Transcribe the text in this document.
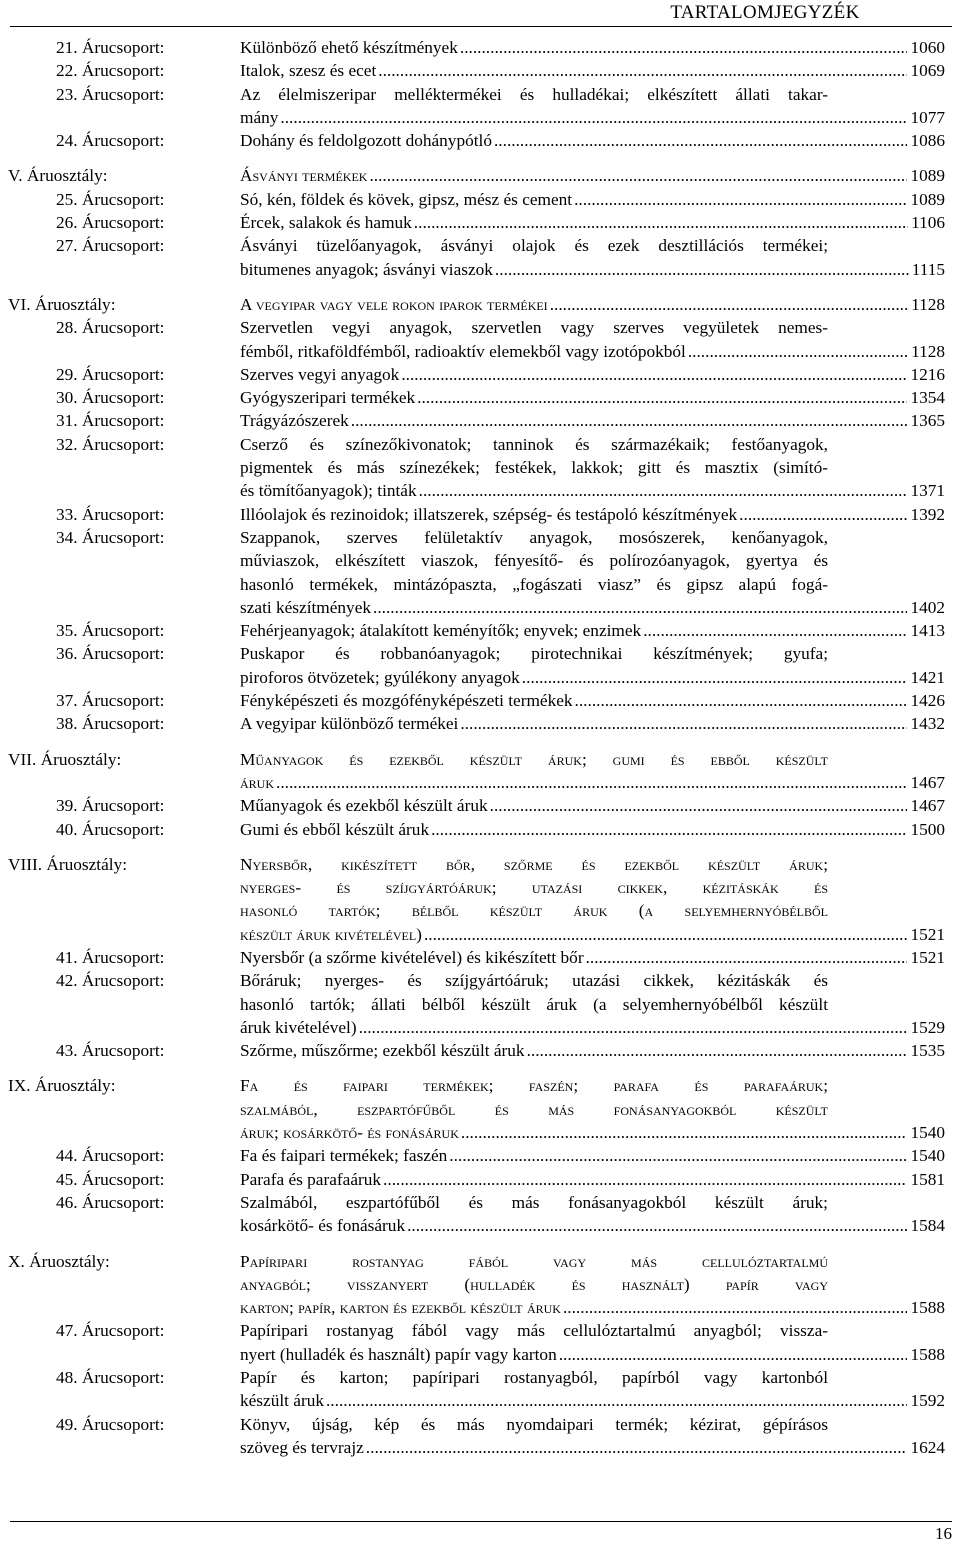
TARTALOMJEGYZÉK
21. Árucsoport:	Különböző ehető készítmények .....	1060
22. Árucsoport:	Italok, szesz és ecet .....	1069
23. Árucsoport:	Az élelmiszeripar melléktermékei és hulladékai; elkészített állati takar-
mány .....	1077
24. Árucsoport:	Dohány és feldolgozott dohánypótló .....	1086
V. Áruosztály:	Ásványi termékek .....	1089
25. Árucsoport:	Só, kén, földek és kövek, gipsz, mész és cement .....	1089
26. Árucsoport:	Ércek, salakok és hamuk .....	1106
27. Árucsoport:	Ásványi tüzelőanyagok, ásványi olajok és ezek desztillációs termékei;
bitumenes anyagok; ásványi viaszok .....	1115
VI. Áruosztály:	A vegyipar vagy vele rokon iparok termékei .....	1128
28. Árucsoport:	Szervetlen vegyi anyagok, szervetlen vagy szerves vegyületek nemes-
fémből, ritkaföldfémből, radioaktív elemekből vagy izotópokból .....	1128
29. Árucsoport:	Szerves vegyi anyagok .....	1216
30. Árucsoport:	Gyógyszeripari termékek .....	1354
31. Árucsoport:	Trágyázószerek .....	1365
32. Árucsoport:	Cserző és színezőkivonatok; tanninok és származékaik; festőanyagok,
pigmentek és más színezékek; festékek, lakkok; gitt és masztix (simító-
és tömítőanyagok); tinták .....	1371
33. Árucsoport:	Illóolajok és rezinoidok; illatszerek, szépség- és testápoló készítmények .....	1392
34. Árucsoport:	Szappanok, szerves felületaktív anyagok, mosószerek, kenőanyagok,
műviaszok, elkészített viaszok, fényesítő- és polírozóanyagok, gyertya és
hasonló termékek, mintázópaszta, „fogászati viasz” és gipsz alapú fogá-
szati készítmények .....	1402
35. Árucsoport:	Fehérjeanyagok; átalakított keményítők; enyvek; enzimek .....	1413
36. Árucsoport:	Puskapor és robbanóanyagok; pirotechnikai készítmények; gyufa;
piroforos ötvözetek; gyúlékony anyagok .....	1421
37. Árucsoport:	Fényképészeti és mozgófényképészeti termékek .....	1426
38. Árucsoport:	A vegyipar különböző termékei .....	1432
VII. Áruosztály:	Műanyagok és ezekből készült áruk; gumi és ebből készült
áruk .....	1467
39. Árucsoport:	Műanyagok és ezekből készült áruk .....	1467
40. Árucsoport:	Gumi és ebből készült áruk .....	1500
VIII. Áruosztály:	Nyersbőr, kikészített bőr, szőrme és ezekből készült áruk;
nyerges- és szíjgyártóáruk; utazási cikkek, kézitáskák és
hasonló tartók; bélből készült áruk (a selyemhernyóbélből
készült áruk kivételével) .....	1521
41. Árucsoport:	Nyersbőr (a szőrme kivételével) és kikészített bőr .....	1521
42. Árucsoport:	Bőráruk; nyerges- és szíjgyártóáruk; utazási cikkek, kézitáskák és
hasonló tartók; állati bélből készült áruk (a selyemhernyóbélből készült
áruk kivételével) .....	1529
43. Árucsoport:	Szőrme, műszőrme; ezekből készült áruk .....	1535
IX. Áruosztály:	Fa és faipari termékek; faszén; parafa és parafaáruk;
szalmából, eszpartófűből és más fonásanyagokból készült
áruk; kosárkötő- és fonásáruk .....	1540
44. Árucsoport:	Fa és faipari termékek; faszén .....	1540
45. Árucsoport:	Parafa és parafaáruk .....	1581
46. Árucsoport:	Szalmából, eszpartófűből és más fonásanyagokból készült áruk;
kosárkötő- és fonásáruk .....	1584
X. Áruosztály:	Papíripari rostanyag fából vagy más cellulóztartalmú
anyagból; visszanyert (hulladék és használt) papír vagy
karton; papír, karton és ezekből készült áruk .....	1588
47. Árucsoport:	Papíripari rostanyag fából vagy más cellulóztartalmú anyagból; vissza-
nyert (hulladék és használt) papír vagy karton .....	1588
48. Árucsoport:	Papír és karton; papíripari rostanyagból, papírból vagy kartonból
készült áruk .....	1592
49. Árucsoport:	Könyv, újság, kép és más nyomdaipari termék; kézirat, gépírásos
szöveg és tervrajz .....	1624
16
